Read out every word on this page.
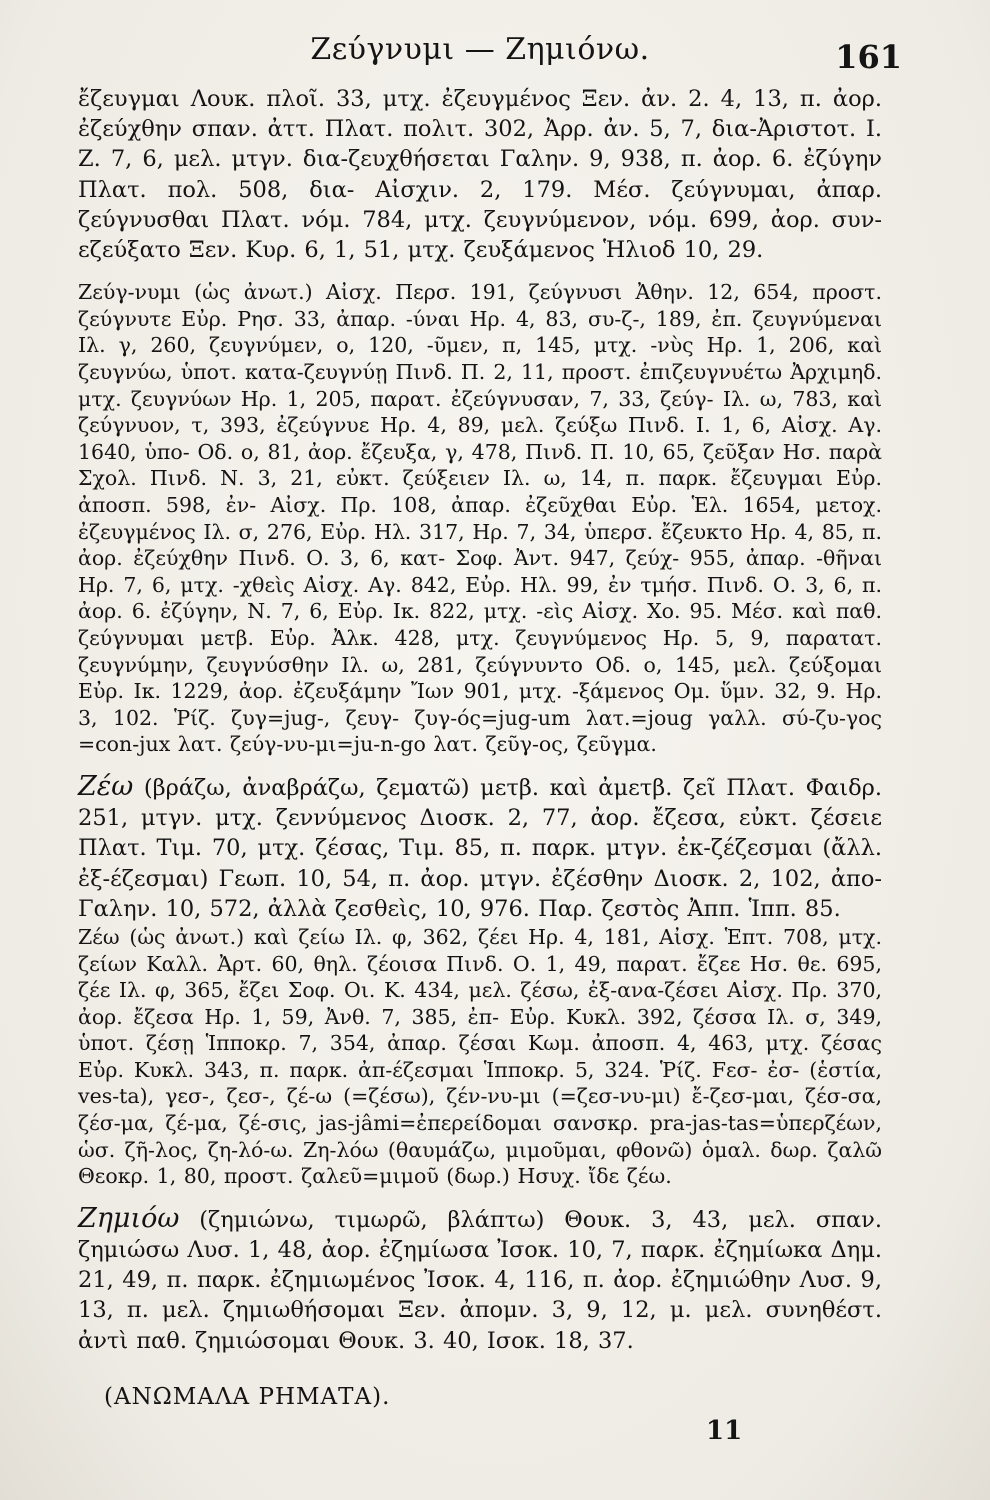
Ζεύγνυμι — Ζημιόνω.	161

ἔζευγμαι Λουκ. πλοῖ. 33, μτχ. ἐζευγμένος Ξεν. ἀν. 2. 4, 13, π. ἀορ. ἐζεύχθην σπαν. ἀττ. Πλατ. πολιτ. 302, Ἀρρ. ἀν. 5, 7, δια-Ἀριστοτ. Ι. Ζ. 7, 6, μελ. μτγν. δια-ζευχθήσεται Γαλην. 9, 938, π. ἀορ. 6. ἐζύγην Πλατ. πολ. 508, δια- Αἰσχιν. 2, 179. Μέσ. ζεύγνυμαι, ἀπαρ. ζεύγνυσθαι Πλατ. νόμ. 784, μτχ. ζευγνύμενον, νόμ. 699, ἀορ. συν-εζεύξατο Ξεν. Κυρ. 6, 1, 51, μτχ. ζευξάμενος Ἡλιοδ 10, 29.

Ζεύγ-νυμι (ὡς ἀνωτ.) Αἰσχ. Περσ. 191, ζεύγνυσι Ἀθην. 12, 654, προστ. ζεύγνυτε Εὐρ. Ρησ. 33, ἀπαρ. -ύναι Ηρ. 4, 83, συ-ζ-, 189, ἐπ. ζευγνύμεναι Ιλ. γ, 260, ζευγνύμεν, ο, 120, -ῦμεν, π, 145, μτχ. -νὺς Ηρ. 1, 206, καὶ ζευγνύω, ὑποτ. κατα-ζευγνύῃ Πινδ. Π. 2, 11, προστ. ἐπιζευγνυέτω Ἀρχιμηδ. μτχ. ζευγνύων Ηρ. 1, 205, παρατ. ἐζεύγνυσαν, 7, 33, ζεύγ- Ιλ. ω, 783, καὶ ζεύγνυον, τ, 393, ἐζεύγνυε Ηρ. 4, 89, μελ. ζεύξω Πινδ. Ι. 1, 6, Αἰσχ. Αγ. 1640, ὑπο- Οδ. ο, 81, ἀορ. ἔζευξα, γ, 478, Πινδ. Π. 10, 65, ζεῦξαν Ησ. παρὰ Σχολ. Πινδ. Ν. 3, 21, εὐκτ. ζεύξειεν Ιλ. ω, 14, π. παρκ. ἔζευγμαι Εὐρ. ἀποσπ. 598, ἐν- Αἰσχ. Πρ. 108, ἀπαρ. ἐζεῦχθαι Εὐρ. Ἑλ. 1654, μετοχ. ἐζευγμένος Ιλ. σ, 276, Εὐρ. Ηλ. 317, Ηρ. 7, 34, ὑπερσ. ἔζευκτο Ηρ. 4, 85, π. ἀορ. ἐζεύχθην Πινδ. Ο. 3, 6, κατ- Σοφ. Ἀντ. 947, ζεύχ- 955, ἀπαρ. -θῆναι Ηρ. 7, 6, μτχ. -χθεὶς Αἰσχ. Αγ. 842, Εὐρ. Ηλ. 99, ἐν τμήσ. Πινδ. Ο. 3, 6, π. ἀορ. 6. ἐζύγην, Ν. 7, 6, Εὐρ. Ικ. 822, μτχ. -εὶς Αἰσχ. Χο. 95. Μέσ. καὶ παθ. ζεύγνυμαι μετβ. Εὐρ. Ἀλκ. 428, μτχ. ζευγνύμενος Ηρ. 5, 9, παρατατ. ζευγνύμην, ζευγνύσθην Ιλ. ω, 281, ζεύγνυντο Οδ. ο, 145, μελ. ζεύξομαι Εὐρ. Ικ. 1229, ἀορ. ἐζευξάμην Ἴων 901, μτχ. -ξάμενος Ομ. ὕμν. 32, 9. Ηρ. 3, 102. Ῥίζ. ζυγ=jug-, ζευγ- ζυγ-ός=jug-um λατ.=joug γαλλ. σύ-ζυ-γος =con-jux λατ. ζεύγ-νυ-μι=ju-n-go λατ. ζεῦγ-ος, ζεῦγμα.

Ζέω (βράζω, ἀναβράζω, ζεματῶ) μετβ. καὶ ἀμετβ. ζεῖ Πλατ. Φαιδρ. 251, μτγν. μτχ. ζεννύμενος Διοσκ. 2, 77, ἀορ. ἔζεσα, εὐκτ. ζέσειε Πλατ. Τιμ. 70, μτχ. ζέσας, Τιμ. 85, π. παρκ. μτγν. ἐκ-ζέζεσμαι (ἄλλ. ἐξ-έζεσμαι) Γεωπ. 10, 54, π. ἀορ. μτγν. ἐζέσθην Διοσκ. 2, 102, ἀπο- Γαλην. 10, 572, ἀλλὰ ζεσθεὶς, 10, 976. Παρ. ζεστὸς Ἀππ. Ἱππ. 85.

Ζέω (ὡς ἀνωτ.) καὶ ζείω Ιλ. φ, 362, ζέει Ηρ. 4, 181, Αἰσχ. Ἑπτ. 708, μτχ. ζείων Καλλ. Ἀρτ. 60, θηλ. ζέοισα Πινδ. Ο. 1, 49, παρατ. ἔζεε Ησ. θε. 695, ζέε Ιλ. φ, 365, ἔζει Σοφ. Οι. Κ. 434, μελ. ζέσω, ἐξ-ανα-ζέσει Αἰσχ. Πρ. 370, ἀορ. ἔζεσα Ηρ. 1, 59, Ἀνθ. 7, 385, ἐπ- Εὐρ. Κυκλ. 392, ζέσσα Ιλ. σ, 349, ὑποτ. ζέσῃ Ἱπποκρ. 7, 354, ἀπαρ. ζέσαι Κωμ. ἀποσπ. 4, 463, μτχ. ζέσας Εὐρ. Κυκλ. 343, π. παρκ. ἀπ-έζεσμαι Ἱπποκρ. 5, 324. Ῥίζ. Fεσ- ἐσ- (ἑστία, ves-ta), γεσ-, ζεσ-, ζέ-ω (=ζέσω), ζέν-νυ-μι (=ζεσ-νυ-μι) ἔ-ζεσ-μαι, ζέσ-σα, ζέσ-μα, ζέ-μα, ζέ-σις, jas-jâmi=ἐπερείδομαι σανσκρ. pra-jas-tas=ὑπερζέων, ὡσ. ζῆ-λος, ζη-λό-ω. Ζη-λόω (θαυμάζω, μιμοῦμαι, φθονῶ) ὁμαλ. δωρ. ζαλῶ Θεοκρ. 1, 80, προστ. ζαλεῦ=μιμοῦ (δωρ.) Ησυχ. ἴδε ζέω.

Ζημιόω (ζημιώνω, τιμωρῶ, βλάπτω) Θουκ. 3, 43, μελ. σπαν. ζημιώσω Λυσ. 1, 48, ἀορ. ἐζημίωσα Ἰσοκ. 10, 7, παρκ. ἐζημίωκα Δημ. 21, 49, π. παρκ. ἐζημιωμένος Ἰσοκ. 4, 116, π. ἀορ. ἐζημιώθην Λυσ. 9, 13, π. μελ. ζημιωθήσομαι Ξεν. ἀπομν. 3, 9, 12, μ. μελ. συνηθέστ. ἀντὶ παθ. ζημιώσομαι Θουκ. 3. 40, Ισοκ. 18, 37.

(ΑΝΩΜΑΛΑ ΡΗΜΑΤΑ).
11
